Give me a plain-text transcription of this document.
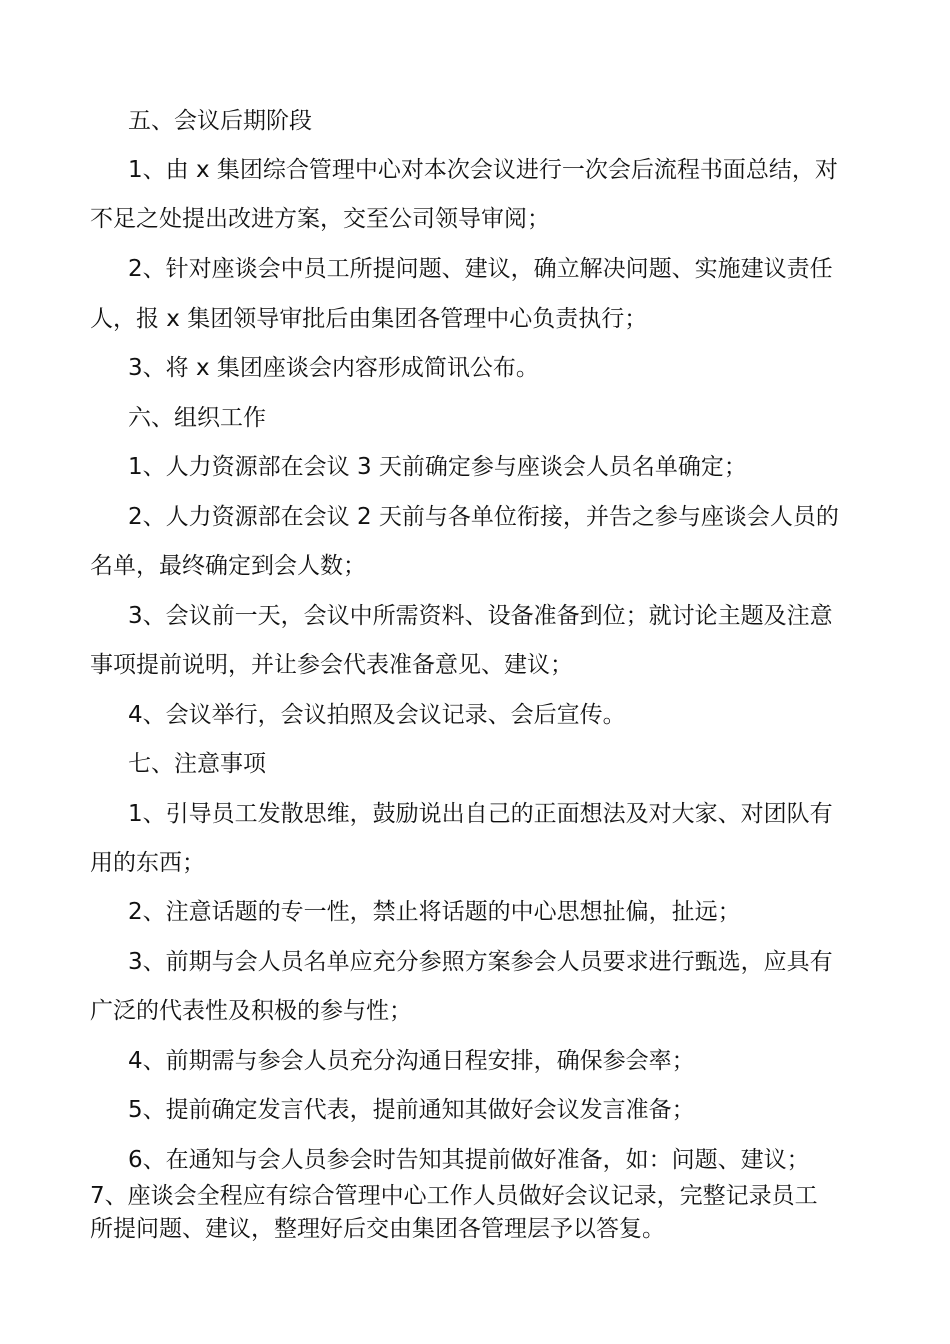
五、会议后期阶段
1、由 x 集团综合管理中心对本次会议进行一次会后流程书面总结，对
不足之处提出改进方案，交至公司领导审阅；
2、针对座谈会中员工所提问题、建议，确立解决问题、实施建议责任
人，报 x 集团领导审批后由集团各管理中心负责执行；
3、将 x 集团座谈会内容形成简讯公布。
六、组织工作
1、人力资源部在会议 3 天前确定参与座谈会人员名单确定；
2、人力资源部在会议 2 天前与各单位衔接，并告之参与座谈会人员的
名单，最终确定到会人数；
3、会议前一天，会议中所需资料、设备准备到位；就讨论主题及注意
事项提前说明，并让参会代表准备意见、建议；
4、会议举行，会议拍照及会议记录、会后宣传。
七、注意事项
1、引导员工发散思维，鼓励说出自己的正面想法及对大家、对团队有
用的东西；
2、注意话题的专一性，禁止将话题的中心思想扯偏，扯远；
3、前期与会人员名单应充分参照方案参会人员要求进行甄选，应具有
广泛的代表性及积极的参与性；
4、前期需与参会人员充分沟通日程安排，确保参会率；
5、提前确定发言代表，提前通知其做好会议发言准备；
6、在通知与会人员参会时告知其提前做好准备，如：问题、建议；
7、座谈会全程应有综合管理中心工作人员做好会议记录，完整记录员工
所提问题、建议，整理好后交由集团各管理层予以答复。
